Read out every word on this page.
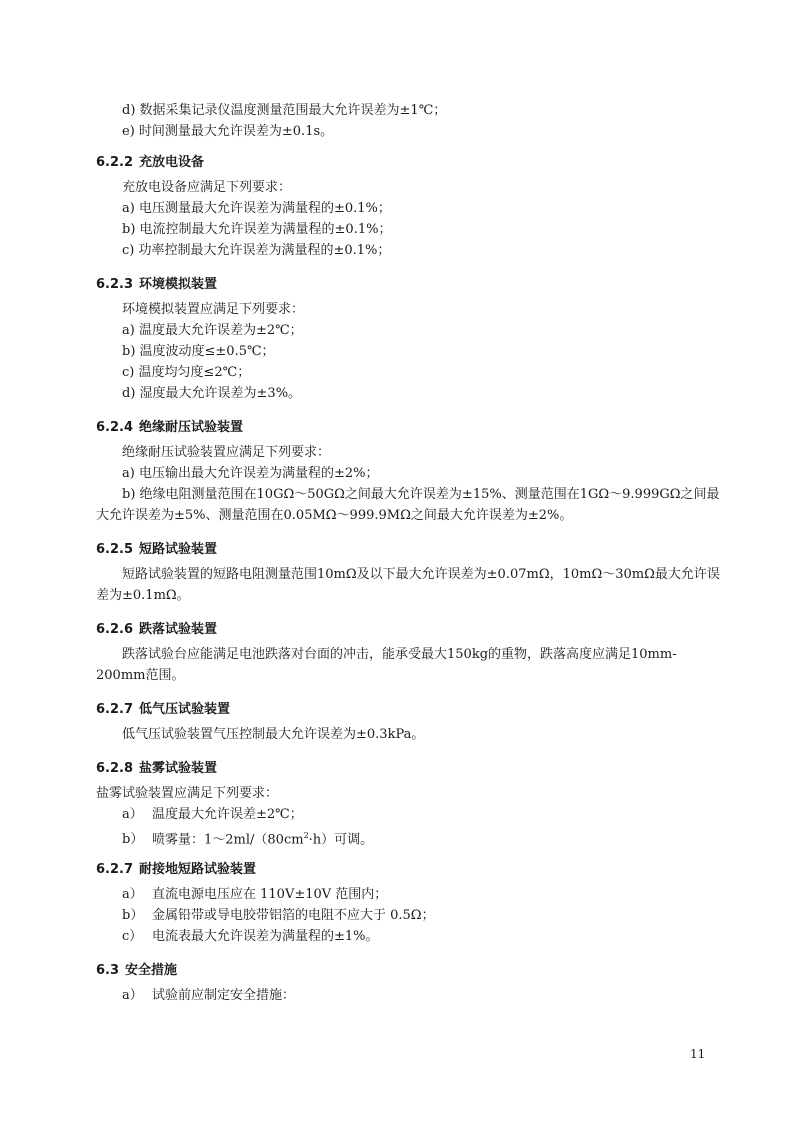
d) 数据采集记录仪温度测量范围最大允许误差为±1℃；
e) 时间测量最大允许误差为±0.1s。
6.2.2 充放电设备
充放电设备应满足下列要求：
a) 电压测量最大允许误差为满量程的±0.1%；
b) 电流控制最大允许误差为满量程的±0.1%；
c) 功率控制最大允许误差为满量程的±0.1%；
6.2.3 环境模拟装置
环境模拟装置应满足下列要求：
a) 温度最大允许误差为±2℃；
b) 温度波动度≤±0.5℃；
c) 温度均匀度≤2℃；
d) 湿度最大允许误差为±3%。
6.2.4 绝缘耐压试验装置
绝缘耐压试验装置应满足下列要求：
a) 电压输出最大允许误差为满量程的±2%；
b) 绝缘电阻测量范围在10GΩ～50GΩ之间最大允许误差为±15%、测量范围在1GΩ～9.999GΩ之间最大允许误差为±5%、测量范围在0.05MΩ～999.9MΩ之间最大允许误差为±2%。
6.2.5 短路试验装置
短路试验装置的短路电阻测量范围10mΩ及以下最大允许误差为±0.07mΩ，10mΩ～30mΩ最大允许误差为±0.1mΩ。
6.2.6 跌落试验装置
跌落试验台应能满足电池跌落对台面的冲击，能承受最大150kg的重物，跌落高度应满足10mm-200mm范围。
6.2.7 低气压试验装置
低气压试验装置气压控制最大允许误差为±0.3kPa。
6.2.8 盐雾试验装置
盐雾试验装置应满足下列要求：
a） 温度最大允许误差±2℃；
b） 喷雾量：$1\sim 2ml/(80cm^2\cdot h)$可调。
6.2.7 耐接地短路试验装置
a） 直流电源电压应在 110V±10V 范围内；
b） 金属铅带或导电胶带铝箔的电阻不应大于 0.5Ω；
c） 电流表最大允许误差为满量程的±1%。
6.3 安全措施
a） 试验前应制定安全措施：
11
